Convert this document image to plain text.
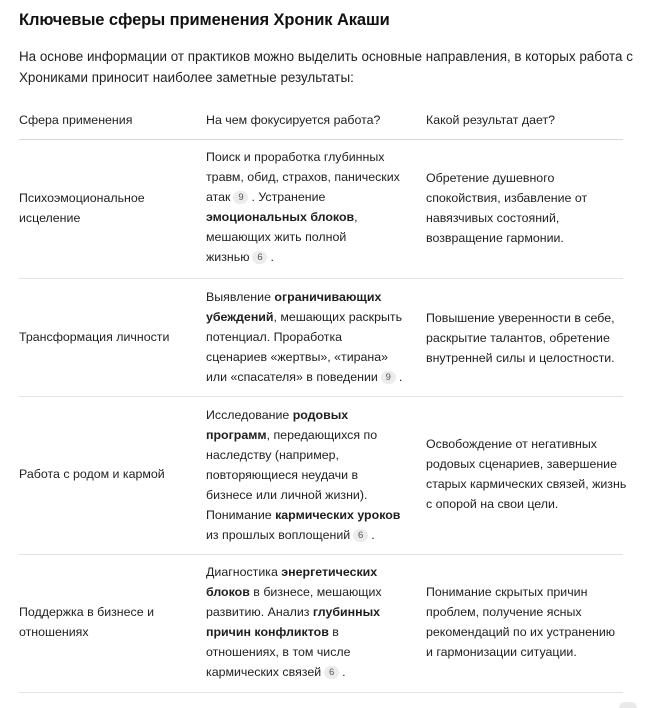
Ключевые сферы применения Хроник Акаши
На основе информации от практиков можно выделить основные направления, в которых работа с
Хрониками приносит наиболее заметные результаты:
Сфера применения	На чем фокусируется работа?	Какой результат дает?
Психоэмоциональное
исцеление
Поиск и проработка глубинных
травм, обид, страхов, панических
атак 9 . Устранение
эмоциональных блоков,
мешающих жить полной
жизнью 6 .
Обретение душевного
спокойствия, избавление от
навязчивых состояний,
возвращение гармонии.
Трансформация личности
Выявление ограничивающих
убеждений, мешающих раскрыть
потенциал. Проработка
сценариев «жертвы», «тирана»
или «спасателя» в поведении 9 .
Повышение уверенности в себе,
раскрытие талантов, обретение
внутренней силы и целостности.
Работа с родом и кармой
Исследование родовых
программ, передающихся по
наследству (например,
повторяющиеся неудачи в
бизнесе или личной жизни).
Понимание кармических уроков
из прошлых воплощений 6 .
Освобождение от негативных
родовых сценариев, завершение
старых кармических связей, жизнь
с опорой на свои цели.
Поддержка в бизнесе и
отношениях
Диагностика энергетических
блоков в бизнесе, мешающих
развитию. Анализ глубинных
причин конфликтов в
отношениях, в том числе
кармических связей 6 .
Понимание скрытых причин
проблем, получение ясных
рекомендаций по их устранению
и гармонизации ситуации.
